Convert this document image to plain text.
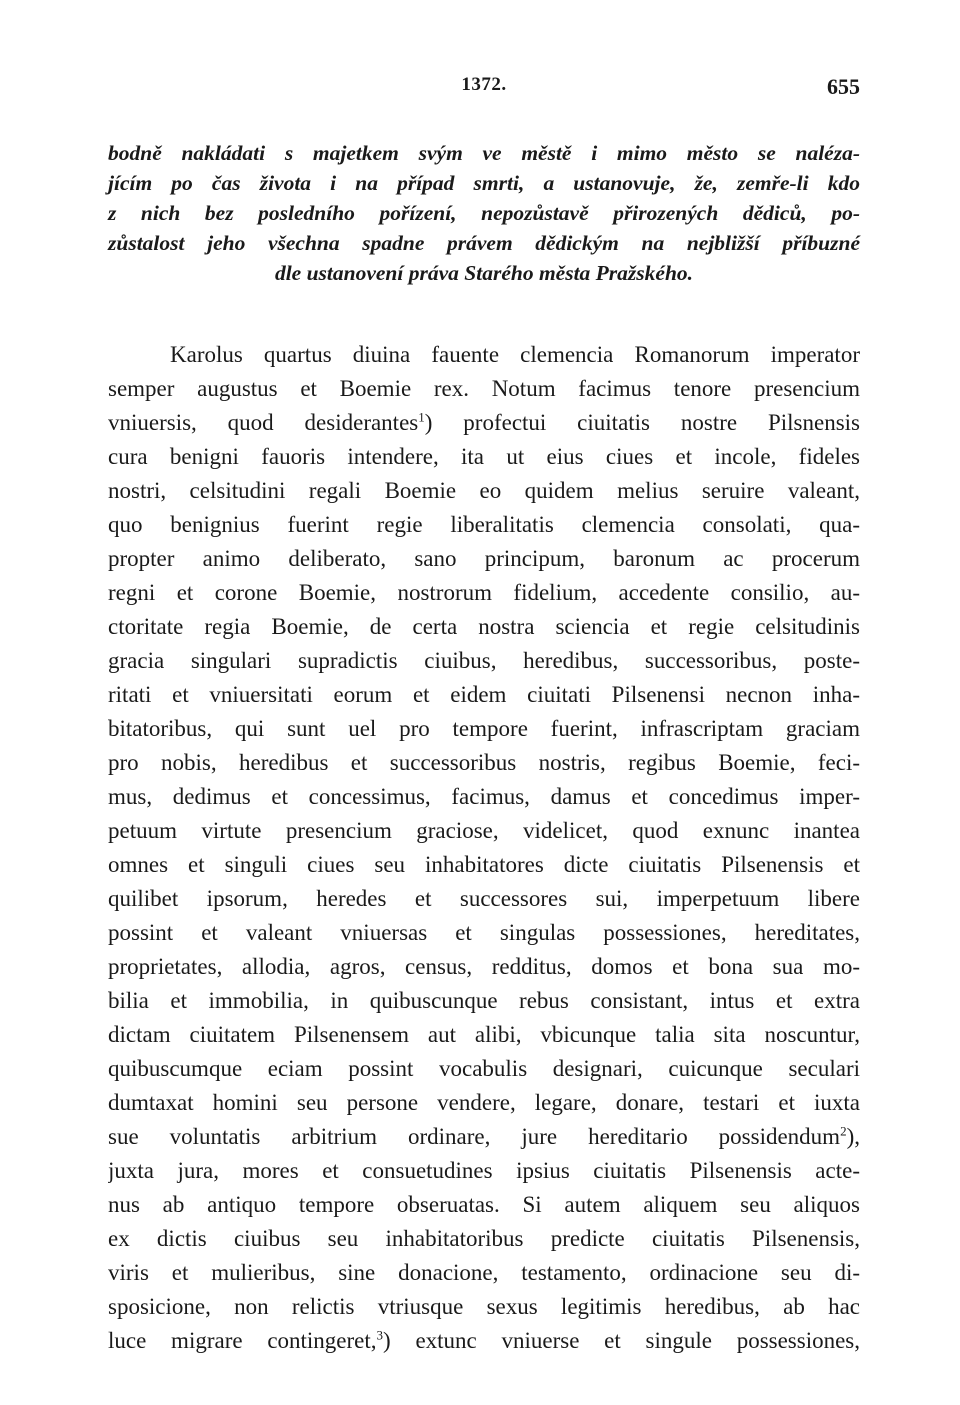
1372.	655
bodně nakládati s majetkem svým ve městě i mimo město se nalézа-
jícím po čas života i na případ smrti, a ustanovuje, že, zemře-li kdo
z nich bez posledního pořízení, nepozůstavě přirozených dědiců, po-
zůstalost jeho všechna spadne právem dědickým na nejbližší příbuzné
dle ustanovení práva Starého města Pražského.
Karolus quartus diuina fauente clemencia Romanorum imperator
semper augustus et Boemie rex. Notum facimus tenore presencium
vniuersis, quod desiderantes$^1$) profectui ciuitatis nostre Pilsnensis
cura benigni fauoris intendere, ita ut eius ciues et incole, fideles
nostri, celsitudini regali Boemie eo quidem melius seruire valeant,
quo benignius fuerint regie liberalitatis clemencia consolati, qua-
propter animo deliberato, sano principum, baronum ac procerum
regni et corone Boemie, nostrorum fidelium, accedente consilio, au-
ctoritate regia Boemie, de certa nostra sciencia et regie celsitudinis
gracia singulari supradictis ciuibus, heredibus, successoribus, poste-
ritati et vniuersitati eorum et eidem ciuitati Pilsenensi necnon inha-
bitatoribus, qui sunt uel pro tempore fuerint, infrascriptam graciam
pro nobis, heredibus et successoribus nostris, regibus Boemie, feci-
mus, dedimus et concessimus, facimus, damus et concedimus imper-
petuum virtute presencium graciose, videlicet, quod exnunc inantea
omnes et singuli ciues seu inhabitatores dicte ciuitatis Pilsenensis et
quilibet ipsorum, heredes et successores sui, imperpetuum libere
possint et valeant vniuersas et singulas possessiones, hereditates,
proprietates, allodia, agros, census, redditus, domos et bona sua mo-
bilia et immobilia, in quibuscunque rebus consistant, intus et extra
dictam ciuitatem Pilsenensem aut alibi, vbicunque talia sita noscuntur,
quibuscumque eciam possint vocabulis designari, cuicunque seculari
dumtaxat homini seu persone vendere, legare, donare, testari et iuxta
sue voluntatis arbitrium ordinare, jure hereditario possidendum$^2$),
juxta jura, mores et consuetudines ipsius ciuitatis Pilsenensis acte-
nus ab antiquo tempore obseruatas. Si autem aliquem seu aliquos
ex dictis ciuibus seu inhabitatoribus predicte ciuitatis Pilsenensis,
viris et mulieribus, sine donacione, testamento, ordinacione seu di-
sposicione, non relictis vtriusque sexus legitimis heredibus, ab hac
luce migrare contingeret,$^3$) extunc vniuerse et singule possessiones,
